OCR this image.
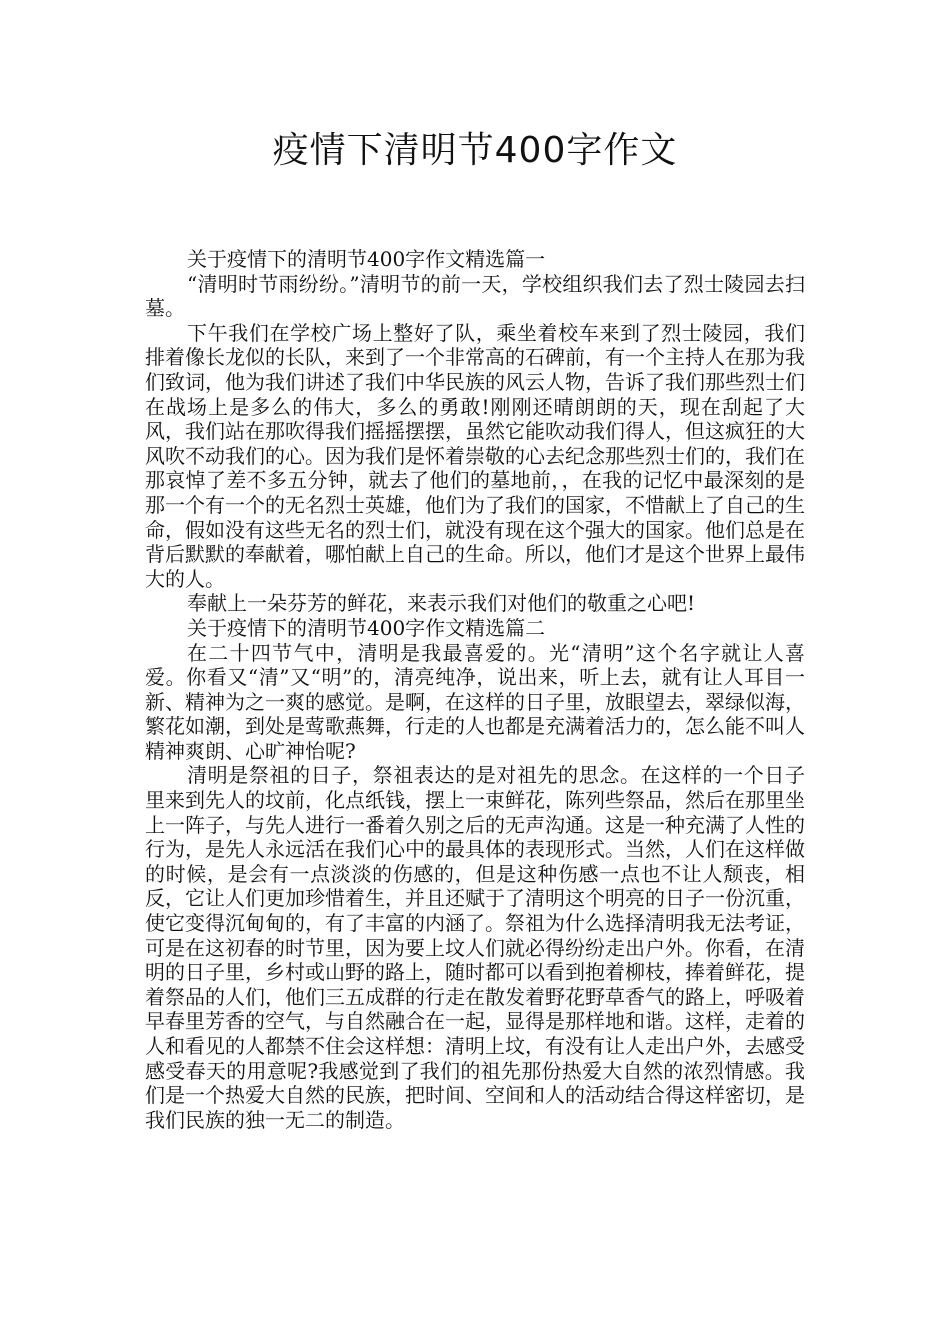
疫情下清明节400字作文

关于疫情下的清明节400字作文精选篇一

“清明时节雨纷纷。”清明节的前一天，学校组织我们去了烈士陵园去扫墓。

下午我们在学校广场上整好了队，乘坐着校车来到了烈士陵园，我们排着像长龙似的长队，来到了一个非常高的石碑前，有一个主持人在那为我们致词，他为我们讲述了我们中华民族的风云人物，告诉了我们那些烈士们在战场上是多么的伟大，多么的勇敢!刚刚还晴朗朗的天，现在刮起了大风，我们站在那吹得我们摇摇摆摆，虽然它能吹动我们得人，但这疯狂的大风吹不动我们的心。因为我们是怀着崇敬的心去纪念那些烈士们的，我们在那哀悼了差不多五分钟，就去了他们的墓地前，，在我的记忆中最深刻的是那一个有一个的无名烈士英雄，他们为了我们的国家，不惜献上了自己的生命，假如没有这些无名的烈士们，就没有现在这个强大的国家。他们总是在背后默默的奉献着，哪怕献上自己的生命。所以，他们才是这个世界上最伟大的人。

奉献上一朵芬芳的鲜花，来表示我们对他们的敬重之心吧!

关于疫情下的清明节400字作文精选篇二

在二十四节气中，清明是我最喜爱的。光“清明”这个名字就让人喜爱。你看又“清”又“明”的，清亮纯净，说出来，听上去，就有让人耳目一新、精神为之一爽的感觉。是啊，在这样的日子里，放眼望去，翠绿似海，繁花如潮，到处是莺歌燕舞，行走的人也都是充满着活力的，怎么能不叫人精神爽朗、心旷神怡呢?

清明是祭祖的日子，祭祖表达的是对祖先的思念。在这样的一个日子里来到先人的坟前，化点纸钱，摆上一束鲜花，陈列些祭品，然后在那里坐上一阵子，与先人进行一番着久别之后的无声沟通。这是一种充满了人性的行为，是先人永远活在我们心中的最具体的表现形式。当然，人们在这样做的时候，是会有一点淡淡的伤感的，但是这种伤感一点也不让人颓丧，相反，它让人们更加珍惜着生，并且还赋于了清明这个明亮的日子一份沉重，使它变得沉甸甸的，有了丰富的内涵了。祭祖为什么选择清明我无法考证，可是在这初春的时节里，因为要上坟人们就必得纷纷走出户外。你看，在清明的日子里，乡村或山野的路上，随时都可以看到抱着柳枝，捧着鲜花，提着祭品的人们，他们三五成群的行走在散发着野花野草香气的路上，呼吸着早春里芳香的空气，与自然融合在一起，显得是那样地和谐。这样，走着的人和看见的人都禁不住会这样想：清明上坟，有没有让人走出户外，去感受感受春天的用意呢?我感觉到了我们的祖先那份热爱大自然的浓烈情感。我们是一个热爱大自然的民族，把时间、空间和人的活动结合得这样密切，是我们民族的独一无二的制造。
